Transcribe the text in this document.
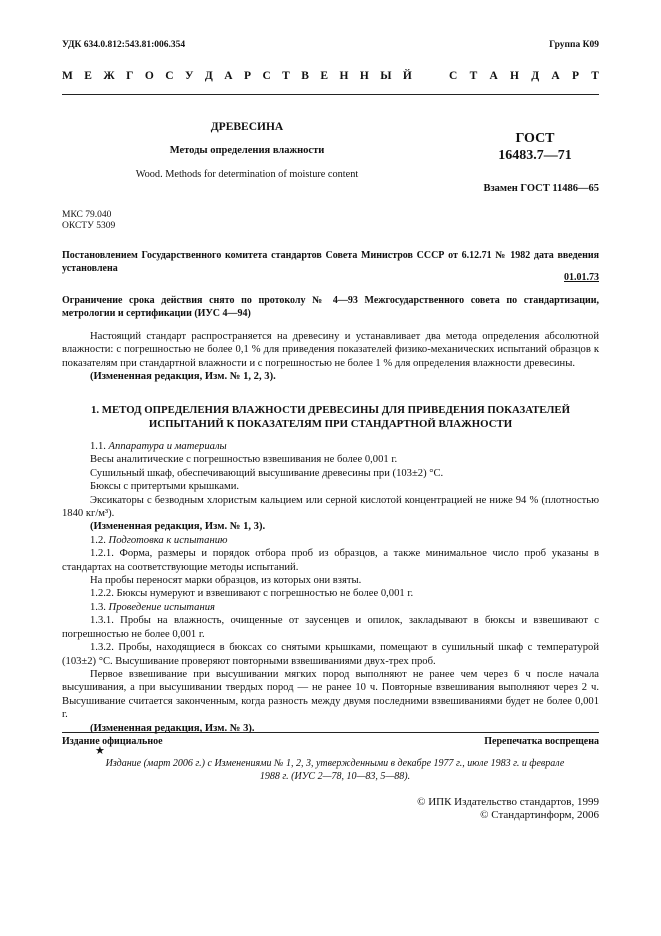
УДК 634.0.812:543.81:006.354	Группа К09
М Е Ж Г О С У Д А Р С Т В Е Н Н Ы Й	С Т А Н Д А Р Т
ДРЕВЕСИНА
Методы определения влажности
Wood. Methods for determination of moisture content
ГОСТ
16483.7—71
Взамен ГОСТ 11486—65
МКС 79.040
ОКСТУ 5309
Постановлением Государственного комитета стандартов Совета Министров СССР от 6.12.71 № 1982 дата введения установлена
01.01.73
Ограничение срока действия снято по протоколу № 4—93 Межгосударственного совета по стандартизации, метрологии и сертификации (ИУС 4—94)

Настоящий стандарт распространяется на древесину и устанавливает два метода определения абсолютной влажности: с погрешностью не более 0,1 % для приведения показателей физико-механических испытаний образцов к показателям при стандартной влажности и с погрешностью не более 1 % для определения влажности древесины.

(Измененная редакция, Изм. № 1, 2, 3).

1. МЕТОД ОПРЕДЕЛЕНИЯ ВЛАЖНОСТИ ДРЕВЕСИНЫ ДЛЯ ПРИВЕДЕНИЯ ПОКАЗАТЕЛЕЙ ИСПЫТАНИЙ К ПОКАЗАТЕЛЯМ ПРИ СТАНДАРТНОЙ ВЛАЖНОСТИ

1.1. Аппаратура и материалы

Весы аналитические с погрешностью взвешивания не более 0,001 г.

Сушильный шкаф, обеспечивающий высушивание древесины при (103±2) °С.

Бюксы с притертыми крышками.

Эксикаторы с безводным хлористым кальцием или серной кислотой концентрацией не ниже 94 % (плотностью 1840 кг/м³).

(Измененная редакция, Изм. № 1, 3).

1.2. Подготовка к испытанию

1.2.1. Форма, размеры и порядок отбора проб из образцов, а также минимальное число проб указаны в стандартах на соответствующие методы испытаний.

На пробы переносят марки образцов, из которых они взяты.

1.2.2. Бюксы нумеруют и взвешивают с погрешностью не более 0,001 г.

1.3. Проведение испытания

1.3.1. Пробы на влажность, очищенные от заусенцев и опилок, закладывают в бюксы и взвешивают с погрешностью не более 0,001 г.

1.3.2. Пробы, находящиеся в бюксах со снятыми крышками, помещают в сушильный шкаф с температурой (103±2) °С. Высушивание проверяют повторными взвешиваниями двух-трех проб.

Первое взвешивание при высушивании мягких пород выполняют не ранее чем через 6 ч после начала высушивания, а при высушивании твердых пород — не ранее 10 ч. Повторные взвешивания выполняют через 2 ч. Высушивание считается законченным, когда разность между двумя последними взвешиваниями будет не более 0,001 г.

(Измененная редакция, Изм. № 3).

Издание официальное	Перепечатка воспрещена
★
Издание (март 2006 г.) с Изменениями № 1, 2, 3, утвержденными в декабре 1977 г., июле 1983 г. и феврале 1988 г. (ИУС 2—78, 10—83, 5—88).
© ИПК Издательство стандартов, 1999
© Стандартинформ, 2006
